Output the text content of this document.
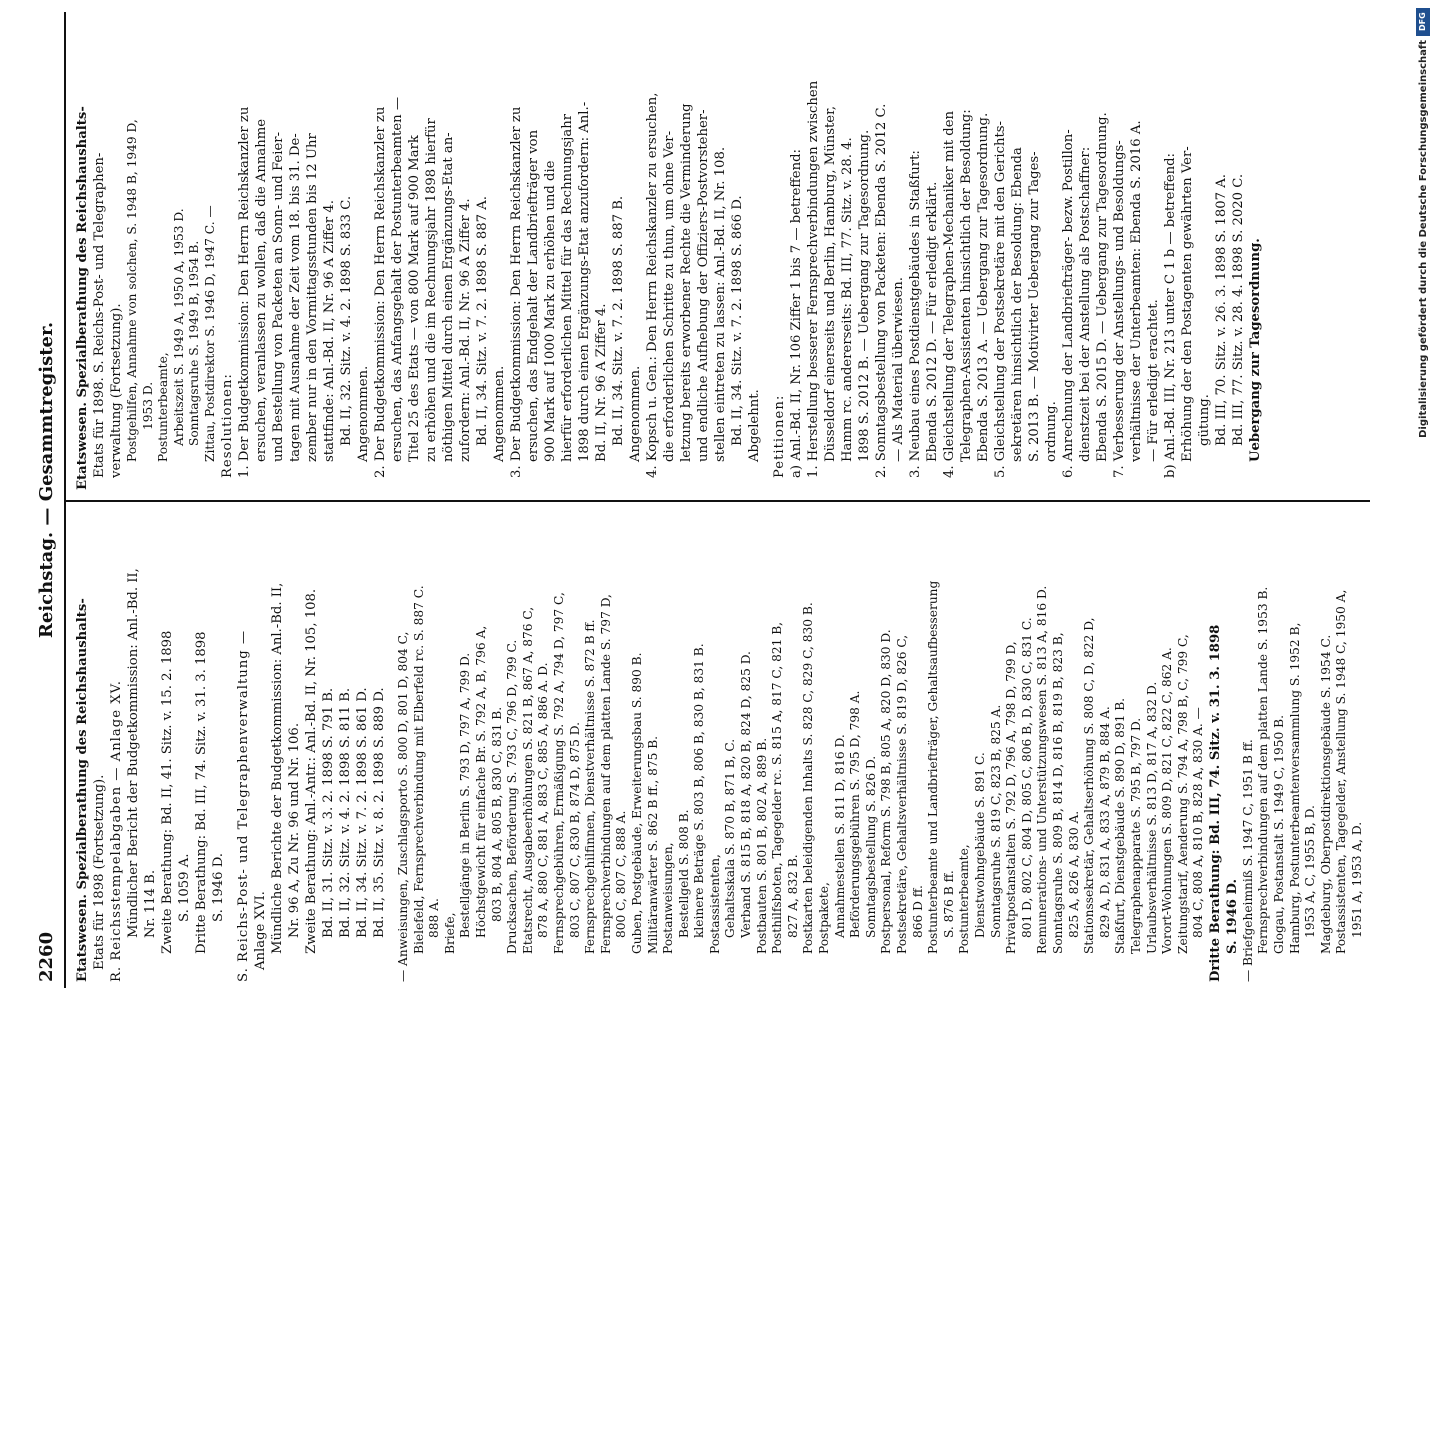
2260
Reichstag. — Gesammtregister.
Etatswesen. Spezialberathung des Reichshaushalts- Etats für 1898 (Fortsetzung). R. Reichsstempelabgaben — Anlage XV. Mündlicher Bericht der Budgetkommission: Anl.-Bd. II, Nr. 114 B. Zweite Berathung: Bd. II, 41. Sitz. v. 15. 2. 1898 S. 1059 A. Dritte Berathung: Bd. III, 74. Sitz. v. 31. 3. 1898 S. 1946 D. S. Reichs-Post- und Telegraphenverwaltung — Anlage XVI. Mündliche Berichte der Budgetkommission: Anl.-Bd. II, Nr. 96 A, Zu Nr. 96 und Nr. 106. Zweite Berathung: Anl.-Antr.: Anl.-Bd. II, Nr. 105, 108. Bd. II, 31. Sitz. v. 3. 2. 1898 S. 791 B. Bd. II, 32. Sitz. v. 4. 2. 1898 S. 811 B. Bd. II, 34. Sitz. v. 7. 2. 1898 S. 861 D. Bd. II, 35. Sitz. v. 8. 2. 1898 S. 889 D. — Anweisungen, Zuschlagsporto S. 800 D, 801 D, 804 C, Bielefeld, Fernsprechverbindung mit Elberfeld rc. S. 887 C. 888 A. Briefe, Bestellgänge in Berlin S. 793 D, 797 A, 799 D. Höchstgewicht für einfache Br. S. 792 A, B, 796 A, 803 B, 804 A, 805 B, 830 C, 831 B. Drucksachen, Beförderung S. 793 C, 796 D, 799 C. Etatsrecht, Ausgabeerhöhungen S. 821 B, 867 A, 876 C, 878 A, 880 C, 881 A, 883 C, 885 A, 886 A. D. Fernsprechgebühren, Ermäßigung S. 792 A, 794 D, 797 C, 803 C, 807 C, 830 B, 874 D, 875 D. Fernsprechgehilfinnen, Dienstverhältnisse S. 872 B ff. Fernsprechverbindungen auf dem platten Lande S. 797 D, 800 C, 807 C, 888 A. Guben, Postgebäude, Erweiterungsbau S. 890 B. Militäranwärter S. 862 B ff., 875 B. Postanweisungen, Bestellgeld S. 808 B. kleinere Beträge S. 803 B, 806 B, 830 B, 831 B. Postassistenten, Gehaltsskala S. 870 B, 871 B, C. Verband S. 815 B, 818 A, 820 B, 824 D, 825 D. Postbauten S. 801 B, 802 A, 889 B. Posthilfsboten, Tagegelder rc. S. 815 A, 817 C, 821 B, 827 A, 832 B. Postkarten beleidigenden Inhalts S. 828 C, 829 C, 830 B. Postpakete, Annahmestellen S. 811 D, 816 D. Beförderungsgebühren S. 795 D, 798 A. Sonntagsbestellung S. 826 D. Postpersonal, Reform S. 798 B, 805 A, 820 D, 830 D. Postsekretäre, Gehaltsverhältnisse S. 819 D, 826 C, 866 D ff. Postunterbeamte und Landbriefträger, Gehaltsaufbesserung S. 876 B ff. Postunterbeamte, Dienstwohngebäude S. 891 C. Sonntagsruhe S. 819 C, 823 B, 825 A. Privatpostanstalten S. 792 D, 796 A, 798 D, 799 D, 801 D, 802 C, 804 D, 805 C, 806 B, D, 830 C, 831 C. Remunerations- und Unterstützungswesen S. 813 A, 816 D. Sonntagsruhe S. 809 B, 814 D, 816 B, 819 B, 823 B, 825 A, 826 A, 830 A. Stationssekretär, Gehaltserhöhung S. 808 C, D, 822 D, 829 A, D, 831 A, 833 A, 879 B, 884 A. Staßfurt, Dienstgebäude S. 890 D, 891 B. Telegraphenapparate S. 795 B, 797 D. Urlaubsverhältnisse S. 813 D, 817 A, 832 D. Vorort-Wohnungen S. 809 D, 821 C, 822 C, 862 A. Zeitungstarif, Aenderung S. 794 A, 798 B, C, 799 C, 804 C, 808 A, 810 B, 828 A, 830 A. — Dritte Berathung: Bd. III, 74. Sitz. v. 31. 3. 1898 S. 1946 D. — Briefgeheimniß S. 1947 C, 1951 B ff. Fernsprechverbindungen auf dem platten Lande S. 1953 B. Glogau, Postanstalt S. 1949 C, 1950 B. Hamburg, Postunterbeamtenversammlung S. 1952 B, 1953 A, C, 1955 B, D. Magdeburg, Oberpostdirektionsgebäude S. 1954 C. Postassistenten, Tagegelder, Anstellung S. 1948 C, 1950 A, 1951 A, 1953 A, D.
Etatswesen. Spezialberathung des Reichshaushalts- Etats für 1898. S. Reichs-Post- und Telegraphen- verwaltung (Fortsetzung). Postgehilfen, Annahme von solchen, S. 1948 B, 1949 D, 1953 D. Postunterbeamte, Arbeitszeit S. 1949 A, 1950 A, 1953 D. Sonntagsruhe S. 1949 B, 1954 B. Zittau, Postdirektor S. 1946 D, 1947 C. — Resolutionen: 1. Der Budgetkommission: Den Herrn Reichskanzler zu ersuchen, veranlassen zu wollen, daß die Annahme und Bestellung von Packeten an Sonn- und Feier- tagen mit Ausnahme der Zeit vom 18. bis 31. De- zember nur in den Vormittagsstunden bis 12 Uhr stattfinde: Anl.-Bd. II, Nr. 96 A Ziffer 4. Bd. II, 32. Sitz. v. 4. 2. 1898 S. 833 C. Angenommen. 2. Der Budgetkommission: Den Herrn Reichskanzler zu ersuchen, das Anfangsgehalt der Postunterbeamten — Titel 25 des Etats — von 800 Mark auf 900 Mark zu erhöhen und die im Rechnungsjahr 1898 hierfür nöthigen Mittel durch einen Ergänzungs-Etat an- zufordern: Anl.-Bd. II, Nr. 96 A Ziffer 4. Bd. II, 34. Sitz. v. 7. 2. 1898 S. 887 A. Angenommen. 3. Der Budgetkommission: Den Herrn Reichskanzler zu ersuchen, das Endgehalt der Landbriefträger von 900 Mark auf 1000 Mark zu erhöhen und die hierfür erforderlichen Mittel für das Rechnungsjahr 1898 durch einen Ergänzungs-Etat anzufordern: Anl.- Bd. II, Nr. 96 A Ziffer 4. Bd. II, 34. Sitz. v. 7. 2. 1898 S. 887 B. Angenommen. 4. Kopsch u. Gen.: Den Herrn Reichskanzler zu ersuchen, die erforderlichen Schritte zu thun, um ohne Ver- letzung bereits erworbener Rechte die Verminderung und endliche Aufhebung der Offiziers-Postvorsteher- stellen eintreten zu lassen: Anl.-Bd. II, Nr. 108. Bd. II, 34. Sitz. v. 7. 2. 1898 S. 866 D. Abgelehnt. Petitionen: a) Anl.-Bd. II, Nr. 106 Ziffer 1 bis 7 — betreffend: 1. Herstellung besserer Fernsprechverbindungen zwischen Düsseldorf einerseits und Berlin, Hamburg, Münster, Hamm rc. andererseits: Bd. III, 77. Sitz. v. 28. 4. 1898 S. 2012 B. — Uebergang zur Tagesordnung. 2. Sonntagsbestellung von Packeten: Ebenda S. 2012 C. — Als Material überwiesen. 3. Neubau eines Postdienstgebäudes in Staßfurt: Ebenda S. 2012 D. — Für erledigt erklärt. 4. Gleichstellung der Telegraphen-Mechaniker mit den Telegraphen-Assistenten hinsichtlich der Besoldung: Ebenda S. 2013 A. — Uebergang zur Tagesordnung. 5. Gleichstellung der Postsekretäre mit den Gerichts- sekretären hinsichtlich der Besoldung: Ebenda S. 2013 B. — Motivirter Uebergang zur Tages- ordnung. 6. Anrechnung der Landbriefträger- bezw. Postillon- dienstzeit bei der Anstellung als Postschaffner: Ebenda S. 2015 D. — Uebergang zur Tagesordnung. 7. Verbesserung der Anstellungs- und Besoldungs- verhältnisse der Unterbeamten: Ebenda S. 2016 A. — Für erledigt erachtet. b) Anl.-Bd. III, Nr. 213 unter C 1 b — betreffend: Erhöhung der den Postagenten gewährten Ver- gütung. Bd. III, 70. Sitz. v. 26. 3. 1898 S. 1807 A. Bd. III, 77. Sitz. v. 28. 4. 1898 S. 2020 C. Uebergang zur Tagesordnung.
DFG
Digitalisierung gefördert durch die Deutsche Forschungsgemeinschaft
